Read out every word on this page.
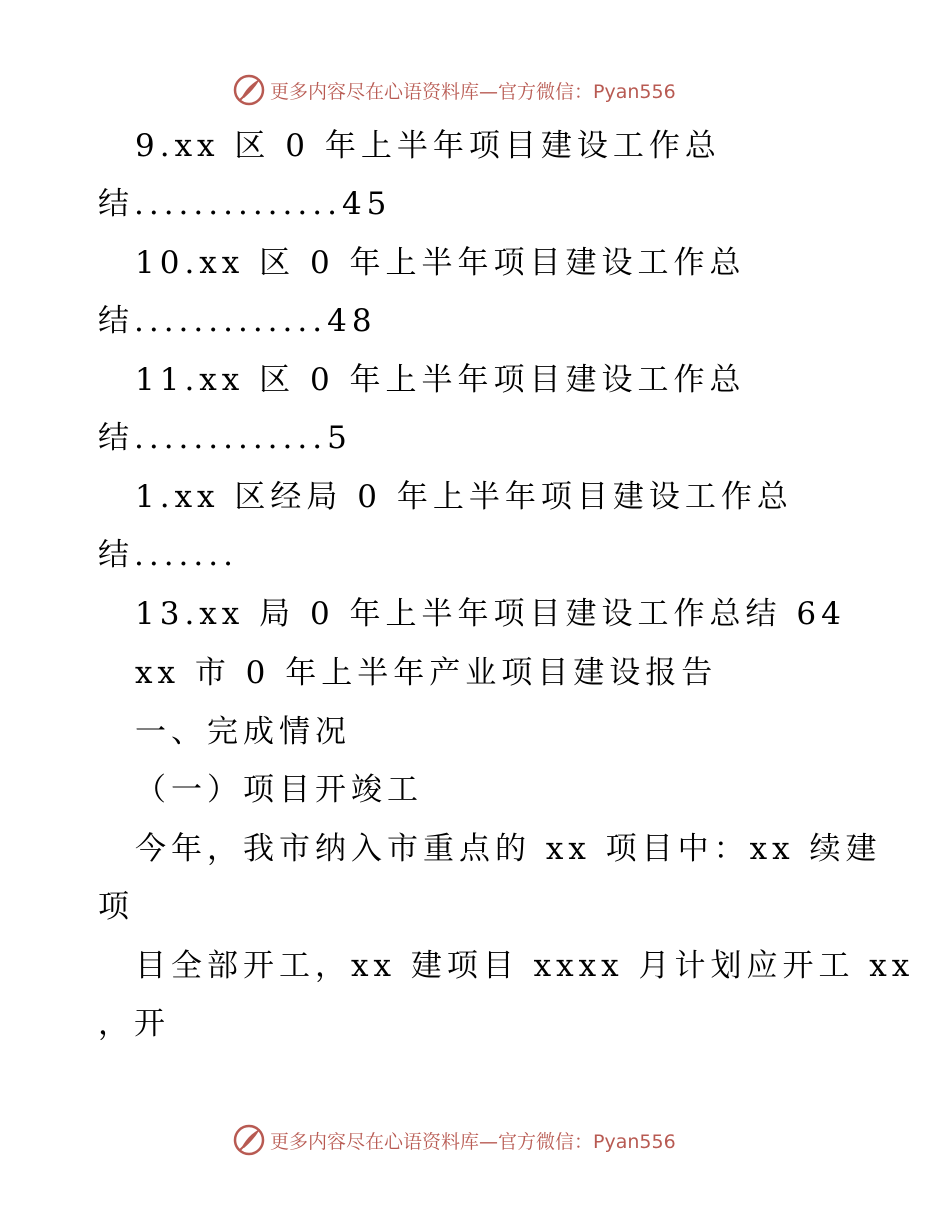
更多内容尽在心语资料库—官方微信：Pyan556
9.xx 区 0 年上半年项目建设工作总
结..............45
10.xx 区 0 年上半年项目建设工作总
结.............48
11.xx 区 0 年上半年项目建设工作总
结.............5
1.xx 区经局 0 年上半年项目建设工作总
结.......
13.xx 局 0 年上半年项目建设工作总结 64
xx 市 0 年上半年产业项目建设报告
一、完成情况
（一）项目开竣工
今年，我市纳入市重点的 xx 项目中：xx 续建
项
目全部开工，xx 建项目 xxxx 月计划应开工 xx
，开
更多内容尽在心语资料库—官方微信：Pyan556
